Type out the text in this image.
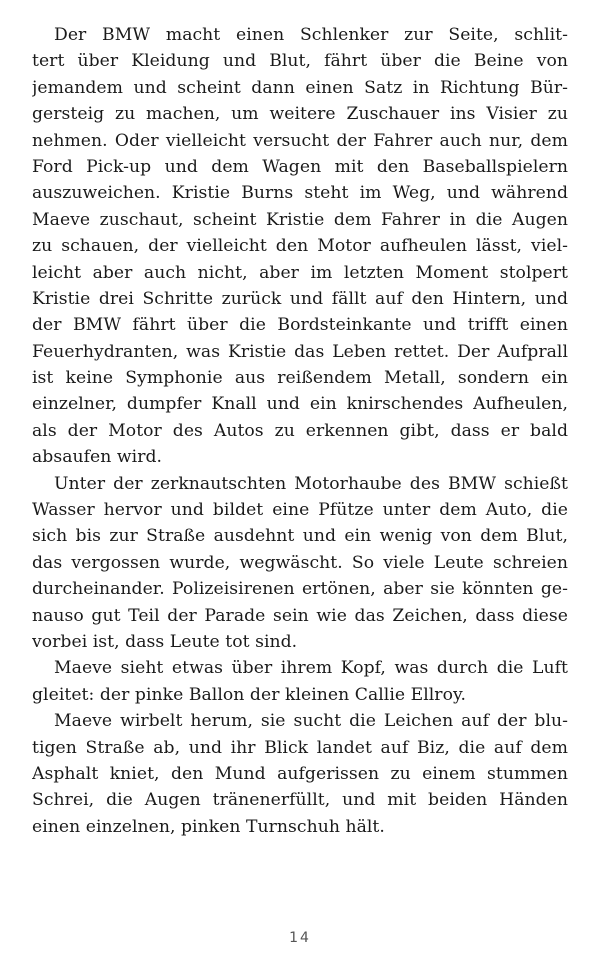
Der BMW macht einen Schlenker zur Seite, schlit-
tert über Kleidung und Blut, fährt über die Beine von
jemandem und scheint dann einen Satz in Richtung Bür-
gersteig zu machen, um weitere Zuschauer ins Visier zu
nehmen. Oder vielleicht versucht der Fahrer auch nur, dem
Ford Pick-up und dem Wagen mit den Baseballspielern
auszuweichen. Kristie Burns steht im Weg, und während
Maeve zuschaut, scheint Kristie dem Fahrer in die Augen
zu schauen, der vielleicht den Motor aufheulen lässt, viel-
leicht aber auch nicht, aber im letzten Moment stolpert
Kristie drei Schritte zurück und fällt auf den Hintern, und
der BMW fährt über die Bordsteinkante und trifft einen
Feuerhydranten, was Kristie das Leben rettet. Der Aufprall
ist keine Symphonie aus reißendem Metall, sondern ein
einzelner, dumpfer Knall und ein knirschendes Aufheulen,
als der Motor des Autos zu erkennen gibt, dass er bald
absaufen wird.
Unter der zerknautschten Motorhaube des BMW schießt
Wasser hervor und bildet eine Pfütze unter dem Auto, die
sich bis zur Straße ausdehnt und ein wenig von dem Blut,
das vergossen wurde, wegwäscht. So viele Leute schreien
durcheinander. Polizeisirenen ertönen, aber sie könnten ge-
nauso gut Teil der Parade sein wie das Zeichen, dass diese
vorbei ist, dass Leute tot sind.
Maeve sieht etwas über ihrem Kopf, was durch die Luft
gleitet: der pinke Ballon der kleinen Callie Ellroy.
Maeve wirbelt herum, sie sucht die Leichen auf der blu-
tigen Straße ab, und ihr Blick landet auf Biz, die auf dem
Asphalt kniet, den Mund aufgerissen zu einem stummen
Schrei, die Augen tränenerfüllt, und mit beiden Händen
einen einzelnen, pinken Turnschuh hält.
14
